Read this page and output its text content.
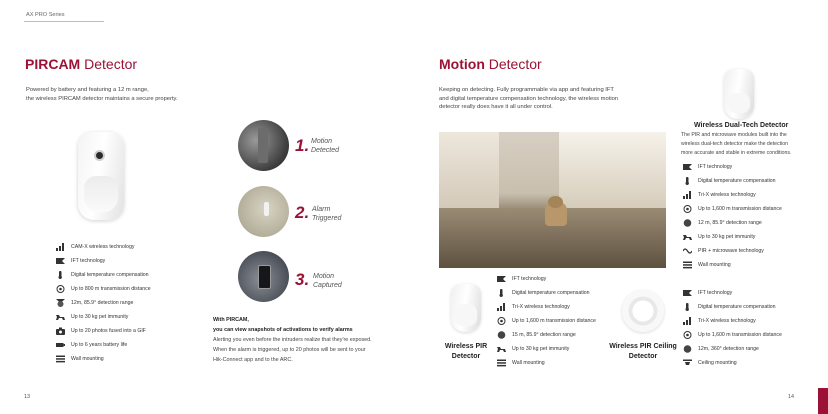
AX PRO Series
PIRCAM Detector
Powered by battery and featuring a 12 m range,
the wireless PIRCAM detector maintains a secure property.
CAM-X wireless technology
IFT technology
Digital temperature compensation
Up to 800 m transmission distance
12m, 85.9° detection range
Up to 30 kg pet immunity
Up to 20 photos fused into a GIF
Up to 6 years battery life
Wall mounting
1. Motion
Detected
2. Alarm
Triggered
3. Motion
Captured
With PIRCAM,
you can view snapshots of activations to verify alarms
Alerting you even before the intruders realize that they're exposed.
When the alarm is triggered, up to 20 photos will be sent to your
Hik-Connect app and to the ARC.
13
Motion Detector
Keeping on detecting. Fully programmable via app and featuring IFT
and digital temperature compensation technology, the wireless motion
detector really does have it all under control.
Wireless Dual-Tech Detector
The PIR and microwave modules built into the
wireless dual-tech detector make the detection
more accurate and stable in extreme conditions.
IFT technology
Digital temperature compensation
Tri-X wireless technology
Up to 1,600 m transmission distance
12 m, 85.9° detection range
Up to 30 kg pet immunity
PIR + microwave technology
Wall mounting
Wireless PIR
Detector
IFT technology
Digital temperature compensation
Tri-X wireless technology
Up to 1,600 m transmission distance
15 m, 85.9° detection range
Up to 30 kg pet immunity
Wall mounting
Wireless PIR Ceiling
Detector
IFT technology
Digital temperature compensation
Tri-X wireless technology
Up to 1,600 m transmission distance
12m, 360° detection range
Ceiling mounting
14
